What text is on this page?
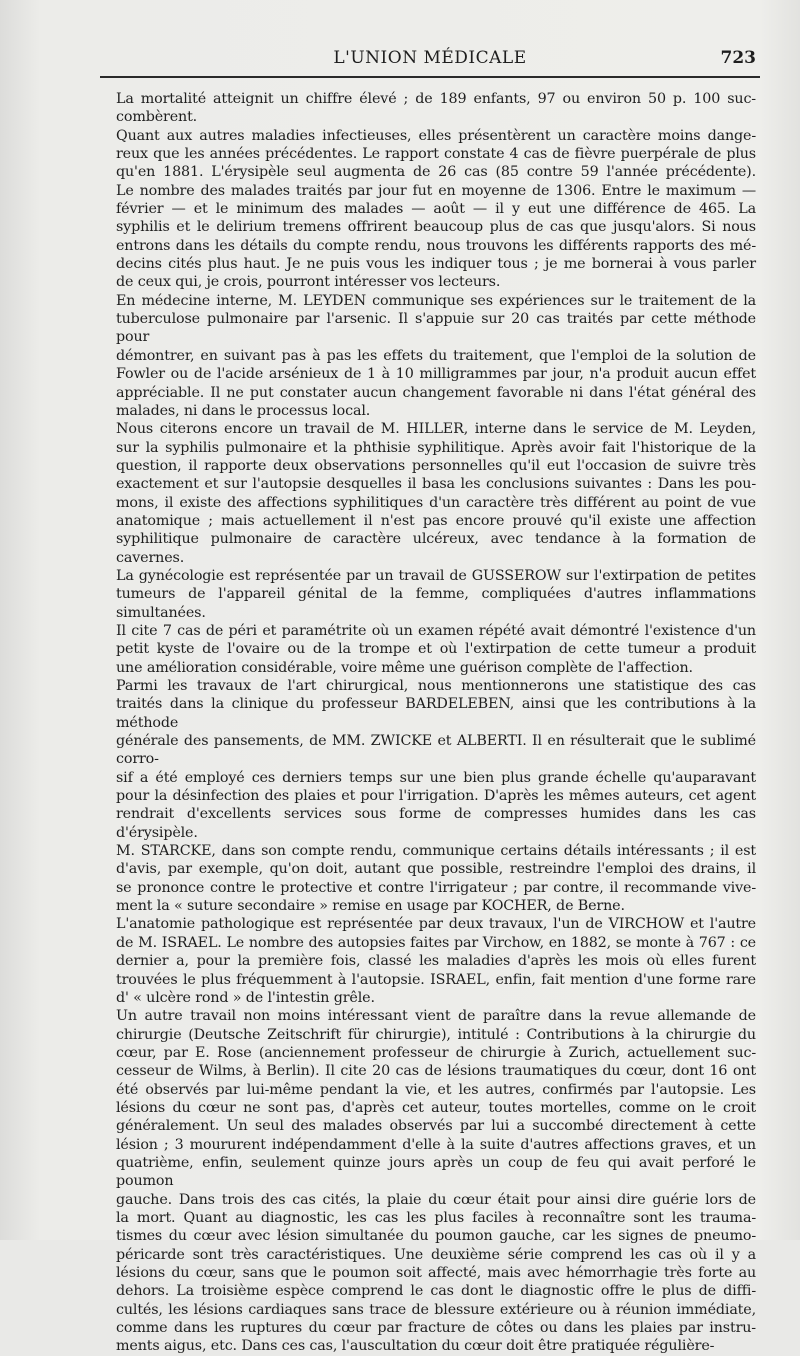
L'UNION MÉDICALE	723
La mortalité atteignit un chiffre élevé ; de 189 enfants, 97 ou environ 50 p. 100 suc-
combèrent.
Quant aux autres maladies infectieuses, elles présentèrent un caractère moins dange-
reux que les années précédentes. Le rapport constate 4 cas de fièvre puerpérale de plus
qu'en 1881. L'érysipèle seul augmenta de 26 cas (85 contre 59 l'année précédente).
Le nombre des malades traités par jour fut en moyenne de 1306. Entre le maximum —
février — et le minimum des malades — août — il y eut une différence de 465. La
syphilis et le delirium tremens offrirent beaucoup plus de cas que jusqu'alors. Si nous
entrons dans les détails du compte rendu, nous trouvons les différents rapports des mé-
decins cités plus haut. Je ne puis vous les indiquer tous ; je me bornerai à vous parler
de ceux qui, je crois, pourront intéresser vos lecteurs.
En médecine interne, M. LEYDEN communique ses expériences sur le traitement de la
tuberculose pulmonaire par l'arsenic. Il s'appuie sur 20 cas traités par cette méthode pour
démontrer, en suivant pas à pas les effets du traitement, que l'emploi de la solution de
Fowler ou de l'acide arsénieux de 1 à 10 milligrammes par jour, n'a produit aucun effet
appréciable. Il ne put constater aucun changement favorable ni dans l'état général des
malades, ni dans le processus local.
Nous citerons encore un travail de M. HILLER, interne dans le service de M. Leyden,
sur la syphilis pulmonaire et la phthisie syphilitique. Après avoir fait l'historique de la
question, il rapporte deux observations personnelles qu'il eut l'occasion de suivre très
exactement et sur l'autopsie desquelles il basa les conclusions suivantes : Dans les pou-
mons, il existe des affections syphilitiques d'un caractère très différent au point de vue
anatomique ; mais actuellement il n'est pas encore prouvé qu'il existe une affection
syphilitique pulmonaire de caractère ulcéreux, avec tendance à la formation de
cavernes.
La gynécologie est représentée par un travail de GUSSEROW sur l'extirpation de petites
tumeurs de l'appareil génital de la femme, compliquées d'autres inflammations simultanées.
Il cite 7 cas de péri et paramétrite où un examen répété avait démontré l'existence d'un
petit kyste de l'ovaire ou de la trompe et où l'extirpation de cette tumeur a produit
une amélioration considérable, voire même une guérison complète de l'affection.
Parmi les travaux de l'art chirurgical, nous mentionnerons une statistique des cas
traités dans la clinique du professeur BARDELEBEN, ainsi que les contributions à la méthode
générale des pansements, de MM. ZWICKE et ALBERTI. Il en résulterait que le sublimé corro-
sif a été employé ces derniers temps sur une bien plus grande échelle qu'auparavant
pour la désinfection des plaies et pour l'irrigation. D'après les mêmes auteurs, cet agent
rendrait d'excellents services sous forme de compresses humides dans les cas d'érysipèle.
M. STARCKE, dans son compte rendu, communique certains détails intéressants ; il est
d'avis, par exemple, qu'on doit, autant que possible, restreindre l'emploi des drains, il
se prononce contre le protective et contre l'irrigateur ; par contre, il recommande vive-
ment la « suture secondaire » remise en usage par KOCHER, de Berne.
L'anatomie pathologique est représentée par deux travaux, l'un de VIRCHOW et l'autre
de M. ISRAEL. Le nombre des autopsies faites par Virchow, en 1882, se monte à 767 : ce
dernier a, pour la première fois, classé les maladies d'après les mois où elles furent
trouvées le plus fréquemment à l'autopsie. ISRAEL, enfin, fait mention d'une forme rare
d' « ulcère rond » de l'intestin grêle.
Un autre travail non moins intéressant vient de paraître dans la revue allemande de
chirurgie (Deutsche Zeitschrift für chirurgie), intitulé : Contributions à la chirurgie du
cœur, par E. Rose (anciennement professeur de chirurgie à Zurich, actuellement suc-
cesseur de Wilms, à Berlin). Il cite 20 cas de lésions traumatiques du cœur, dont 16 ont
été observés par lui-même pendant la vie, et les autres, confirmés par l'autopsie. Les
lésions du cœur ne sont pas, d'après cet auteur, toutes mortelles, comme on le croit
généralement. Un seul des malades observés par lui a succombé directement à cette
lésion ; 3 moururent indépendamment d'elle à la suite d'autres affections graves, et un
quatrième, enfin, seulement quinze jours après un coup de feu qui avait perforé le poumon
gauche. Dans trois des cas cités, la plaie du cœur était pour ainsi dire guérie lors de
la mort. Quant au diagnostic, les cas les plus faciles à reconnaître sont les trauma-
tismes du cœur avec lésion simultanée du poumon gauche, car les signes de pneumo-
péricarde sont très caractéristiques. Une deuxième série comprend les cas où il y a
lésions du cœur, sans que le poumon soit affecté, mais avec hémorrhagie très forte au
dehors. La troisième espèce comprend le cas dont le diagnostic offre le plus de diffi-
cultés, les lésions cardiaques sans trace de blessure extérieure ou à réunion immédiate,
comme dans les ruptures du cœur par fracture de côtes ou dans les plaies par instru-
ments aigus, etc. Dans ces cas, l'auscultation du cœur doit être pratiquée régulière-
